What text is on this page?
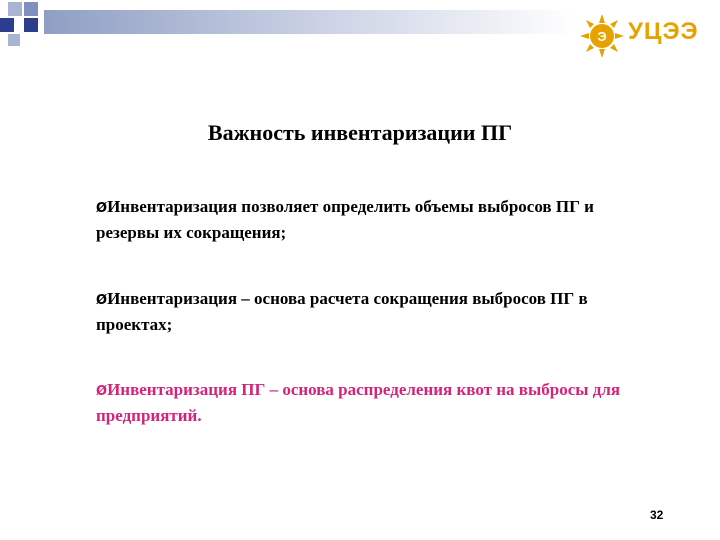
Э УЦЭЭ
Важность инвентаризации ПГ
ØИнвентаризация позволяет определить объемы выбросов ПГ и резервы их сокращения;
ØИнвентаризация – основа расчета сокращения выбросов ПГ в проектах;
ØИнвентаризация ПГ – основа распределения квот на выбросы для предприятий.
32
